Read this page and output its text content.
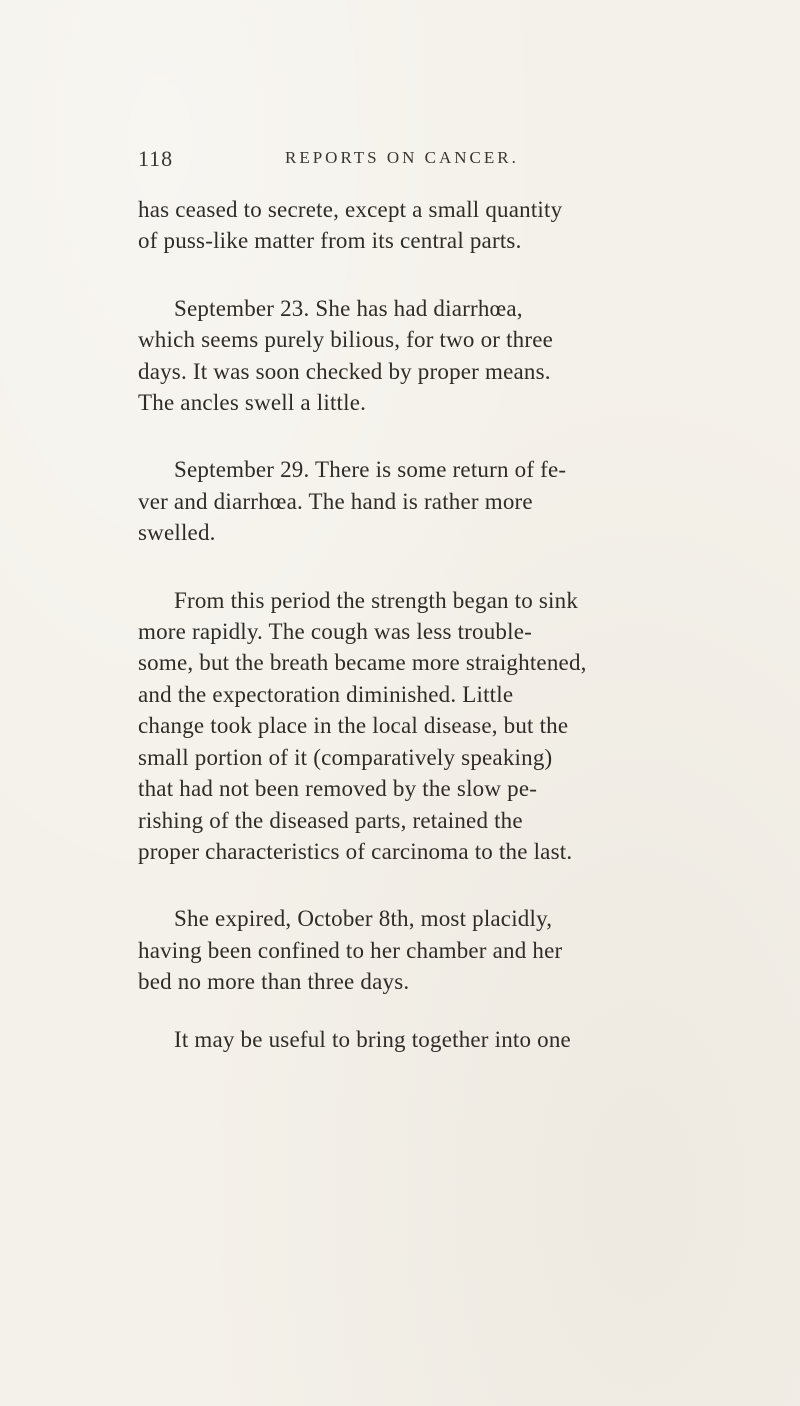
118	REPORTS ON CANCER.

has ceased to secrete, except a small quantity
of puss-like matter from its central parts.

September 23. She has had diarrhœa,
which seems purely bilious, for two or three
days. It was soon checked by proper means.
The ancles swell a little.

September 29. There is some return of fe-
ver and diarrhœa. The hand is rather more
swelled.

From this period the strength began to sink
more rapidly. The cough was less trouble-
some, but the breath became more straightened,
and the expectoration diminished. Little
change took place in the local disease, but the
small portion of it (comparatively speaking)
that had not been removed by the slow pe-
rishing of the diseased parts, retained the
proper characteristics of carcinoma to the last.

She expired, October 8th, most placidly,
having been confined to her chamber and her
bed no more than three days.

It may be useful to bring together into one
